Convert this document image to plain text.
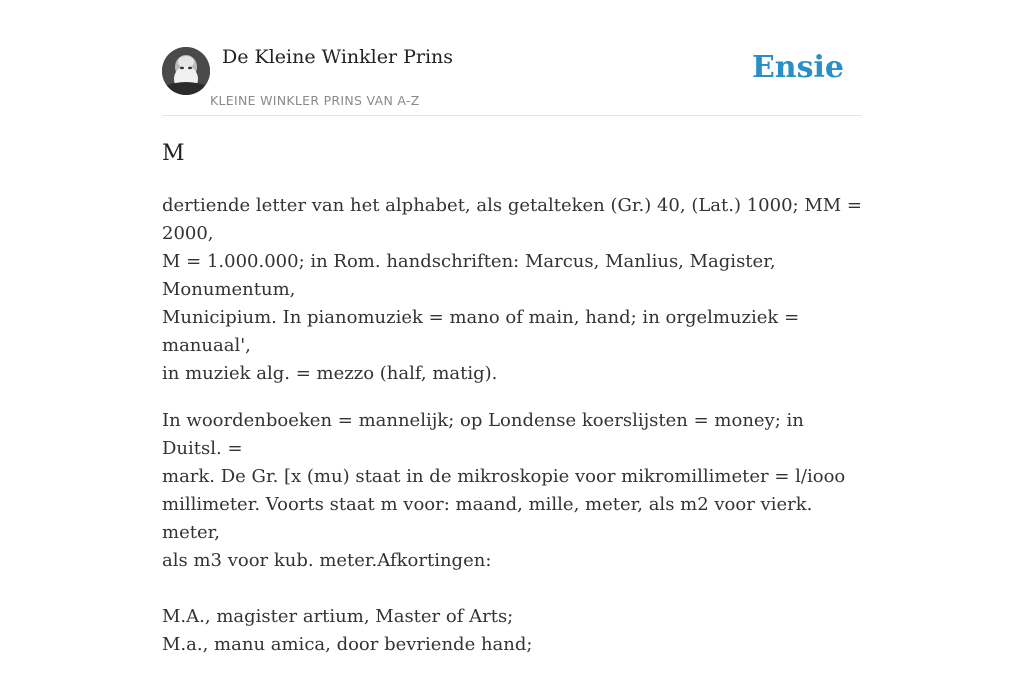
De Kleine Winkler Prins
KLEINE WINKLER PRINS VAN A-Z
Ensie
M

dertiende letter van het alphabet, als getalteken (Gr.) 40, (Lat.) 1000; MM = 2000,
M = 1.000.000; in Rom. handschriften: Marcus, Manlius, Magister, Monumentum,
Municipium. In pianomuziek = mano of main, hand; in orgelmuziek = manuaal',
in muziek alg. = mezzo (half, matig).

In woordenboeken = mannelijk; op Londense koerslijsten = money; in Duitsl. =
mark. De Gr. [x (mu) staat in de mikroskopie voor mikromillimeter = l/iooo
millimeter. Voorts staat m voor: maand, mille, meter, als m2 voor vierk. meter,
als m3 voor kub. meter.Afkortingen:
M.A., magister artium, Master of Arts;
M.a., manu amica, door bevriende hand;
